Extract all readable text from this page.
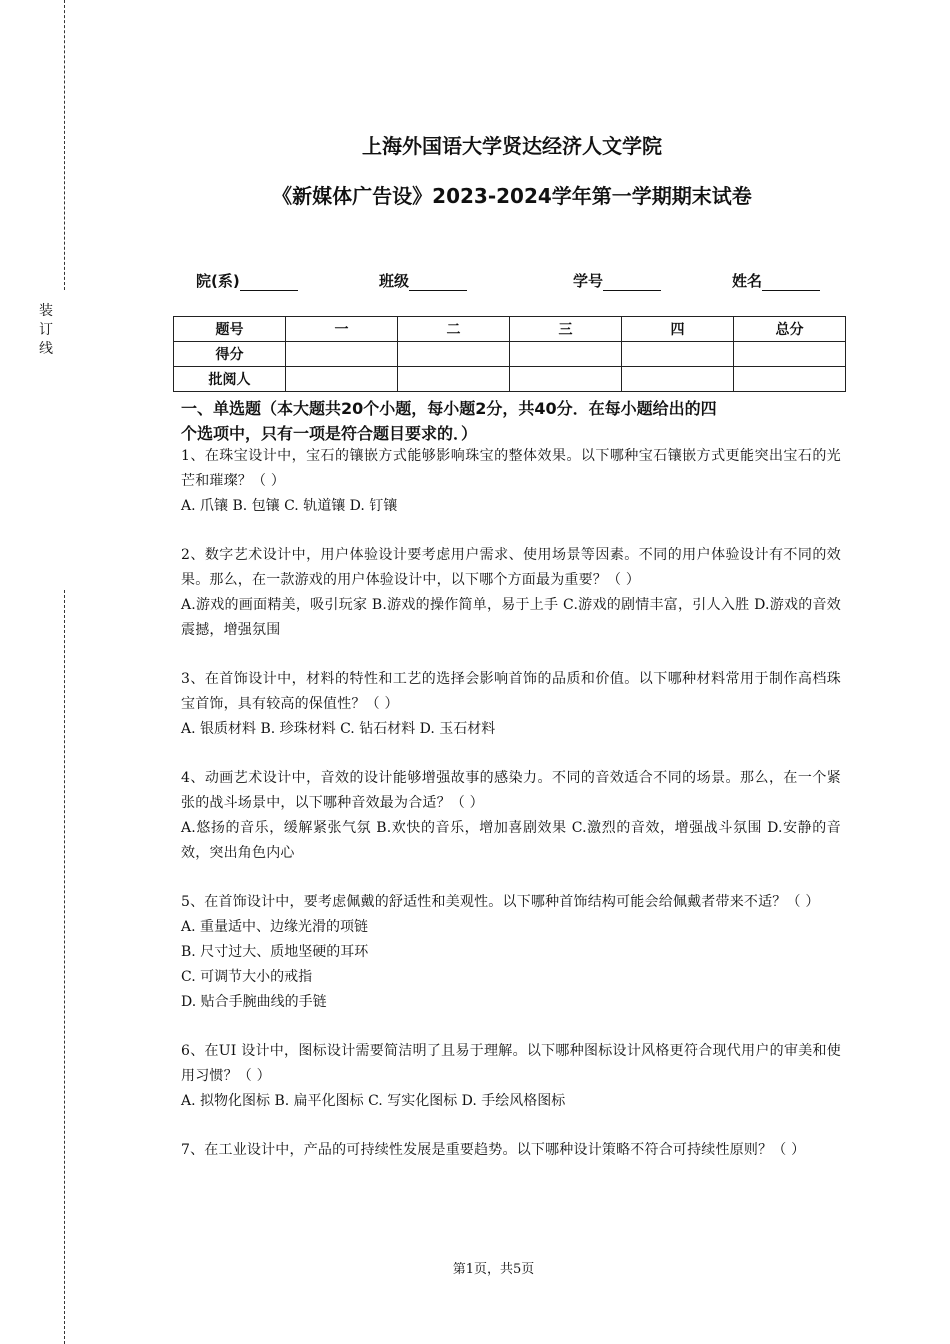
装订线
上海外国语大学贤达经济人文学院
《新媒体广告设》2023-2024学年第一学期期末试卷
院(系)	班级	学号	姓名
题号	一	二	三	四	总分
得分					
批阅人					
一、单选题（本大题共20个小题，每小题2分，共40分．在每小题给出的四
个选项中，只有一项是符合题目要求的．）

1、在珠宝设计中，宝石的镶嵌方式能够影响珠宝的整体效果。以下哪种宝石镶嵌方式更能突出宝石的光芒和璀璨？（ ）

A. 爪镶 B. 包镶 C. 轨道镶 D. 钉镶

2、数字艺术设计中，用户体验设计要考虑用户需求、使用场景等因素。不同的用户体验设计有不同的效果。那么，在一款游戏的用户体验设计中，以下哪个方面最为重要？（ ）

A.游戏的画面精美，吸引玩家 B.游戏的操作简单，易于上手 C.游戏的剧情丰富，引人入胜 D.游戏的音效震撼，增强氛围

3、在首饰设计中，材料的特性和工艺的选择会影响首饰的品质和价值。以下哪种材料常用于制作高档珠宝首饰，具有较高的保值性？（ ）

A. 银质材料 B. 珍珠材料 C. 钻石材料 D. 玉石材料

4、动画艺术设计中，音效的设计能够增强故事的感染力。不同的音效适合不同的场景。那么，在一个紧张的战斗场景中，以下哪种音效最为合适？（ ）

A.悠扬的音乐，缓解紧张气氛 B.欢快的音乐，增加喜剧效果 C.激烈的音效，增强战斗氛围 D.安静的音效，突出角色内心

5、在首饰设计中，要考虑佩戴的舒适性和美观性。以下哪种首饰结构可能会给佩戴者带来不适？（ ）

A. 重量适中、边缘光滑的项链

B. 尺寸过大、质地坚硬的耳环

C. 可调节大小的戒指

D. 贴合手腕曲线的手链

6、在UI 设计中，图标设计需要简洁明了且易于理解。以下哪种图标设计风格更符合现代用户的审美和使用习惯？（ ）

A. 拟物化图标 B. 扁平化图标 C. 写实化图标 D. 手绘风格图标

7、在工业设计中，产品的可持续性发展是重要趋势。以下哪种设计策略不符合可持续性原则？（ ）

第1页，共5页
